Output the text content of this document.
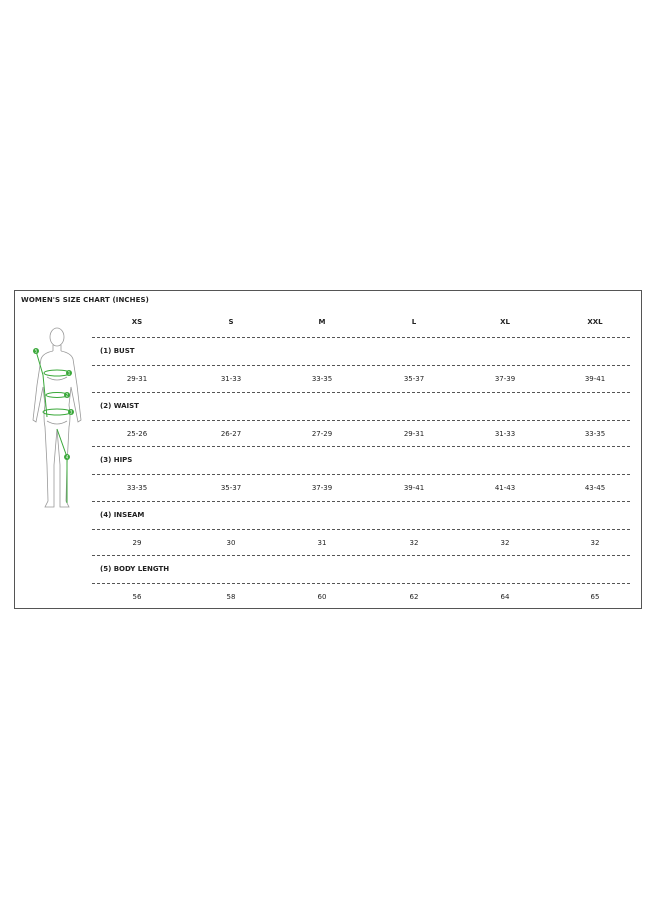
WOMEN'S SIZE CHART (INCHES)
1
2
3
4
5
XS	S	M	L	XL	XXL
(1) BUST
29-31	31-33	33-35	35-37	37-39	39-41
(2) WAIST
25-26	26-27	27-29	29-31	31-33	33-35
(3) HIPS
33-35	35-37	37-39	39-41	41-43	43-45
(4) INSEAM
29	30	31	32	32	32
(5) BODY LENGTH
56	58	60	62	64	65
